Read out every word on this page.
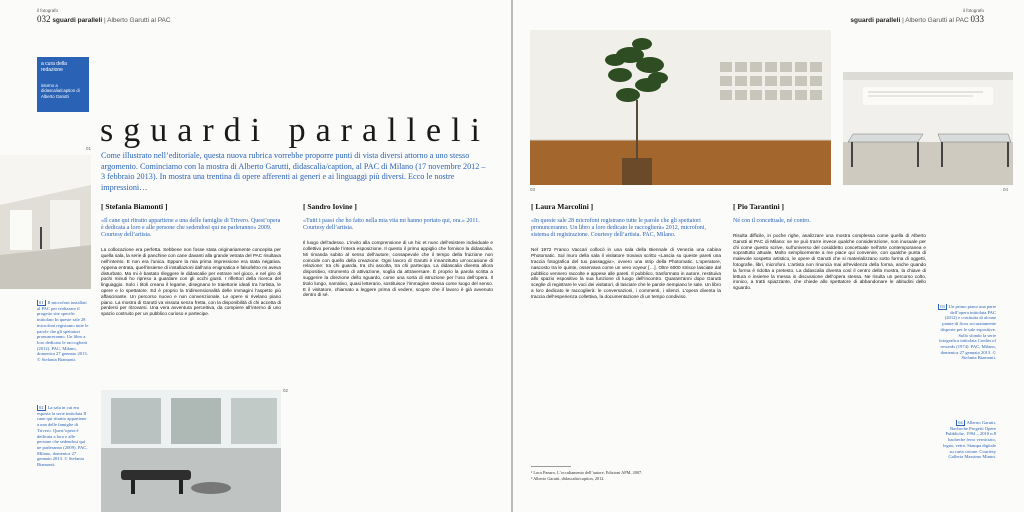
il fotografo
032 sguardi paralleli | Alberto Garutti al PAC
a cura della redazione
intorno a didascalia/caption di Alberto Garutti
sguardi paralleli
Come illustrato nell’editoriale, questa nuova rubrica vorrebbe proporre punti di vista diversi attorno a uno stesso argomento. Cominciamo con la mostra di Alberto Garutti, didascalia/caption, al PAC di Milano (17 novembre 2012 – 3 febbraio 2013). In mostra una trentina di opere afferenti ai generi e ai linguaggi più diversi. Ecco le nostre impressioni…
01
01 Il microfoni installati al PAC per realizzare il progetto site specific intitolato In queste sale 28 microfoni registrano tutte le parole che gli spettatori pronunceranno. Un libro a loro dedicato le raccoglierà (2012). PAC, Milano, domenica 27 gennaio 2013. © Stefania Biamonti.
02 La sala in cui era esposta la serie intitolata Il cane qui ritratto appartiene a una delle famiglie di Trivero. Quest’opera è dedicata a loro e alle persone che sedendosi qui ne parleranno (2009). PAC, Milano, domenica 27 gennaio 2013. © Stefania Biamonti.
[ Stefania Biamonti ]
«Il cane qui ritratto appartiene a una delle famiglie di Trivero. Quest’opera è dedicata a loro e alle persone che sedendosi qui ne parleranno» 2009. Courtesy dell’artista.
La collocazione era perfetta. Sebbene non fosse stata originariamente concepita per quella sala, la serie di panchine con cane davanti alla grande vetrata del PAC risultava nell’intento. E non era l’unica. Eppure la mia prima impressione era stata negativa. Appena entrata, quell’insieme di installazioni dall’aria enigmatica e falsofeltro mi aveva disturbato. Ma mi è bastato rileggere le didascalie per entrare nel gioco, e nel giro di pochi minuti ho ripreso a guardare con gli occhi giusti. I riflettori della ricerca del linguaggio. Solo i titoli creano il legame, disegnano le traiettorie ideali tra l’artista, le opere e lo spettatore. Ed è proprio la tridimensionalità delle immagini l’aspetto più affascinante. Un percorso nuovo e non convenzionale. Le opere si rivelano piano piano. La mostra di Garutti va vissuta senza fretta, con la disponibilità di chi accetta di perdersi per ritrovarsi. Una vera avventura percettiva, da compiere all’interno di uno spazio costruito per un pubblico curioso e partecipe.
02
[ Sandro Iovine ]
«Tutti i passi che ho fatto nella mia vita mi hanno portato qui, ora.» 2011. Courtesy dell’artista.
Il luogo dell’adesso. L’invito alla comprensione di un hic et nunc dell’esistere individuale e collettivo pervade l’intera esposizione. Il questo il primo appiglio che fornisce la didascalia. Mi rimanda subito al senso dell’autore, consapevole che il tempo della fruizione non coincide con quello della creazione. Ogni lavoro di Garutti è innanzitutto un’occasione di relazione: tra chi guarda, tra chi ascolta, tra chi partecipa. La didascalia diventa allora dispositivo, strumento di attivazione, soglia da attraversare. È proprio la parola scritta a suggerire la direzione dello sguardo, come una sorta di istruzione per l’uso dell’opera. Il titolo lungo, narrativo, quasi letterario, sostituisce l’immagine stessa come luogo del senso. E il visitatore, chiamato a leggere prima di vedere, scopre che il lavoro è già avvenuto dentro di sé.
il fotografo
sguardi paralleli | Alberto Garutti al PAC 033
03	04
[ Laura Marcolini ]
«In queste sale 28 microfoni registrano tutte le parole che gli spettatori pronunceranno. Un libro a loro dedicato le raccoglierà» 2012, microfoni, sistema di registrazione. Courtesy dell’artista. PAC, Milano.
Nel 1972 Franco Vaccari collocò in una sala della Biennale di Venezia una cabina Photomatic. Sul muro della sala il visitatore trovava scritto «Lascia su queste pareti una traccia fotografica del tuo passaggio», ovvero una strip della Photomatic. L’operatore, nascosto tra le quinte, osservava come un vero voyeur […]. Oltre 6000 strisce lasciate dal pubblico vennero raccolte e appese alle pareti. Il pubblico, trasformato in autore, restituiva allo spazio espositivo la sua funzione di luogo dell’incontro. Quarant’anni dopo Garutti sceglie di registrare le voci dei visitatori, di lasciare che le parole riempiano le sale. Un libro a loro dedicato le raccoglierà: le conversazioni, i commenti, i silenzi. L’opera diventa la traccia dell’esperienza collettiva, la documentazione di un tempo condiviso.
¹ Luca Panaro, L’occultamento dell’autore, Edizioni APM, 2007.
² Alberto Garutti, didascalia/caption, 2012.
[ Pio Tarantini ]
Né con il concettuale, né contro.
Risulta difficile, in poche righe, analizzare una mostra complessa come quella di Alberto Garutti al PAC di Milano: se ne può trarre invece qualche considerazione, non inusuale per chi come questo scrive, sull’universo del cosiddetto concettuale nell’arte contemporanea e soprattutto attuale. Molto semplicemente a me piace qui convenire, con qualche punta di malevole sospetto artistico, le opere di Garutti che si materializzano sotto forma di oggetti, fotografie, libri, microfoni. L’artista non rinuncia mai all’evidenza della forma, anche quando la forma è ridotta a pretesto. La didascalia diventa così il centro della mostra, la chiave di lettura e insieme la messa in discussione dell’opera stessa. Ne risulta un percorso colto, ironico, a tratti spiazzante, che chiede allo spettatore di abbandonare le abitudini dello sguardo.
03 Un primo piano una parte dell’opera intitolata PAC (2012) e costituita di alcune piante di ficus accuratamente disposte per le sale espositive. Sullo sfondo la serie fotografica intitolata Credits of rewards (1974). PAC, Milano, domenica 27 gennaio 2013. © Stefania Biamonti.
04 Alberto Garutti, Bacheche Progetti Opere Pubbliche, 1994 – 2010 n.8 bacheche ferro verniciato, legno, vetro. Stampa digitale su carta cotone. Courtesy Galleria Massimo Minini.
